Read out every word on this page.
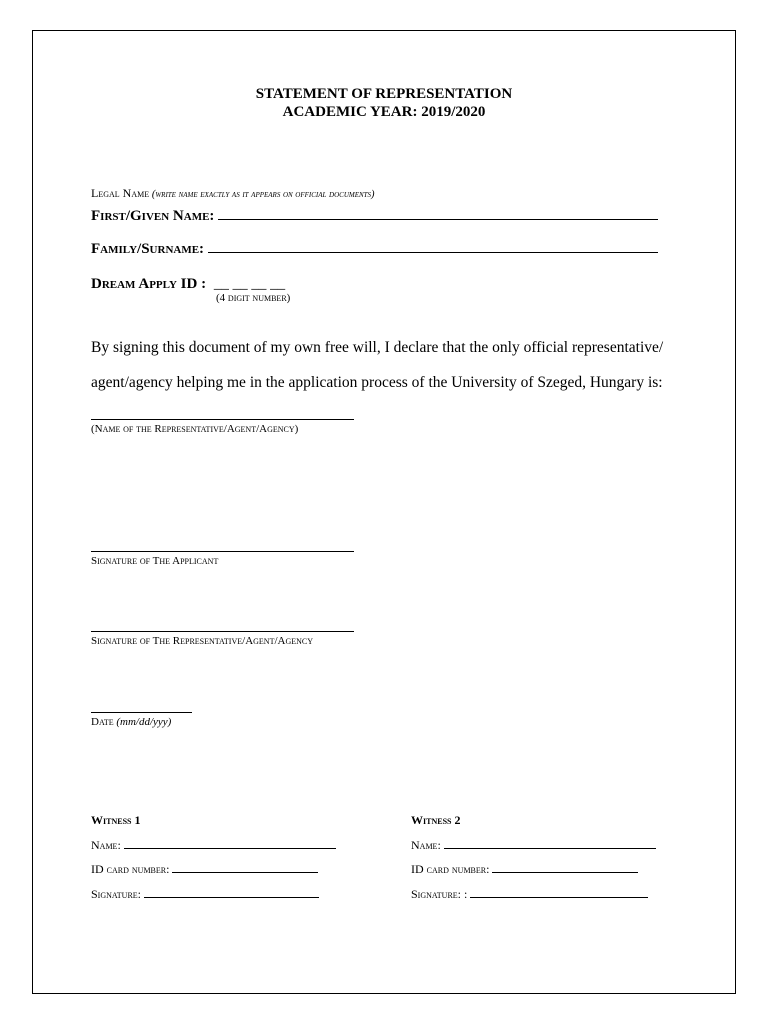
STATEMENT OF REPRESENTATION
ACADEMIC YEAR: 2019/2020
Legal Name (write name exactly as it appears on official documents)
First/Given Name:
Family/Surname:
Dream Apply ID : __ __ __ __
(4 digit number)
By signing this document of my own free will, I declare that the only official representative/
agent/agency helping me in the application process of the University of Szeged, Hungary is:
(Name of the Representative/Agent/Agency)
Signature of The Applicant
Signature of The Representative/Agent/Agency
Date (mm/dd/yyy)
Witness 1
Name:
ID card number:
Signature:
Witness 2
Name:
ID card number:
Signature: :
